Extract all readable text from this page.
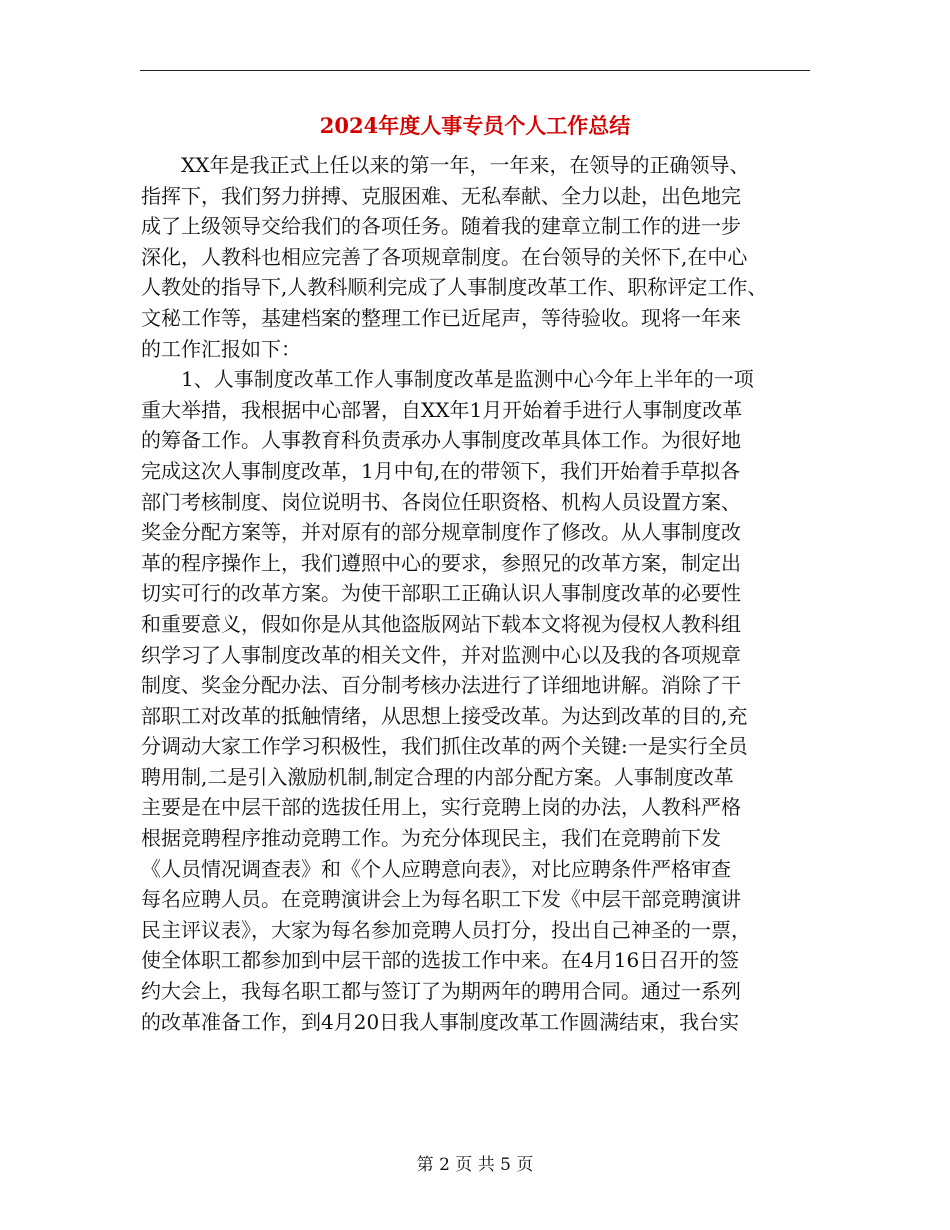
2024年度人事专员个人工作总结
XX年是我正式上任以来的第一年，一年来，在领导的正确领导、
指挥下，我们努力拼搏、克服困难、无私奉献、全力以赴，出色地完
成了上级领导交给我们的各项任务。随着我的建章立制工作的进一步
深化，人教科也相应完善了各项规章制度。在台领导的关怀下,在中心
人教处的指导下,人教科顺利完成了人事制度改革工作、职称评定工作、
文秘工作等，基建档案的整理工作已近尾声，等待验收。现将一年来
的工作汇报如下：
1、人事制度改革工作人事制度改革是监测中心今年上半年的一项
重大举措，我根据中心部署，自XX年1月开始着手进行人事制度改革
的筹备工作。人事教育科负责承办人事制度改革具体工作。为很好地
完成这次人事制度改革，1月中旬,在的带领下，我们开始着手草拟各
部门考核制度、岗位说明书、各岗位任职资格、机构人员设置方案、
奖金分配方案等，并对原有的部分规章制度作了修改。从人事制度改
革的程序操作上，我们遵照中心的要求，参照兄的改革方案，制定出
切实可行的改革方案。为使干部职工正确认识人事制度改革的必要性
和重要意义，假如你是从其他盗版网站下载本文将视为侵权人教科组
织学习了人事制度改革的相关文件，并对监测中心以及我的各项规章
制度、奖金分配办法、百分制考核办法进行了详细地讲解。消除了干
部职工对改革的抵触情绪，从思想上接受改革。为达到改革的目的,充
分调动大家工作学习积极性，我们抓住改革的两个关键:一是实行全员
聘用制,二是引入激励机制,制定合理的内部分配方案。人事制度改革
主要是在中层干部的选拔任用上，实行竞聘上岗的办法，人教科严格
根据竞聘程序推动竞聘工作。为充分体现民主，我们在竞聘前下发
《人员情况调查表》和《个人应聘意向表》，对比应聘条件严格审查
每名应聘人员。在竞聘演讲会上为每名职工下发《中层干部竞聘演讲
民主评议表》，大家为每名参加竞聘人员打分，投出自己神圣的一票，
使全体职工都参加到中层干部的选拔工作中来。在4月16日召开的签
约大会上，我每名职工都与签订了为期两年的聘用合同。通过一系列
的改革准备工作，到4月20日我人事制度改革工作圆满结束，我台实
第 2 页 共 5 页
